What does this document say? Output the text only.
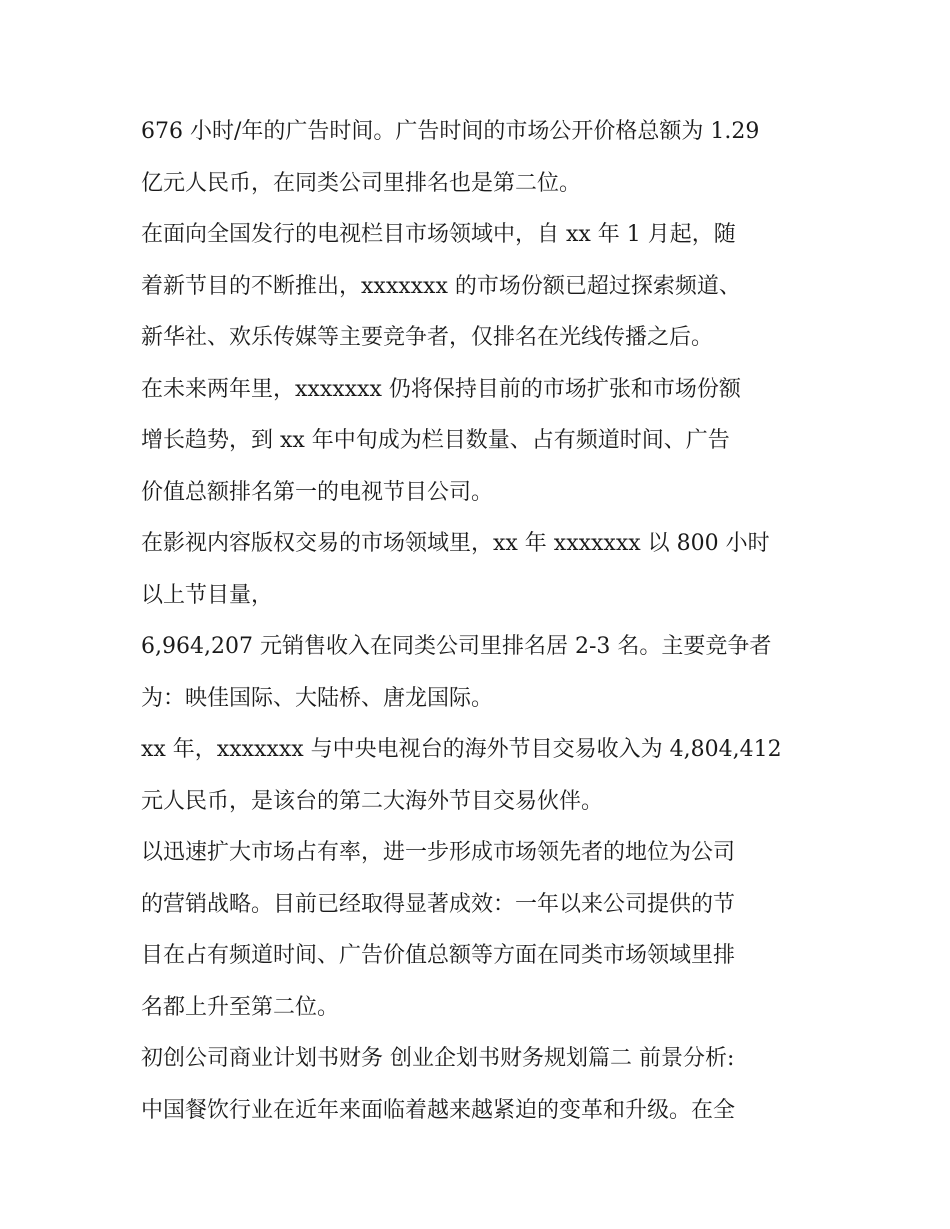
676 小时/年的广告时间。广告时间的市场公开价格总额为 1.29
亿元人民币，在同类公司里排名也是第二位。
在面向全国发行的电视栏目市场领域中，自 xx 年 1 月起，随
着新节目的不断推出，xxxxxxx 的市场份额已超过探索频道、
新华社、欢乐传媒等主要竞争者，仅排名在光线传播之后。
在未来两年里，xxxxxxx 仍将保持目前的市场扩张和市场份额
增长趋势，到 xx 年中旬成为栏目数量、占有频道时间、广告
价值总额排名第一的电视节目公司。
在影视内容版权交易的市场领域里，xx 年 xxxxxxx 以 800 小时
以上节目量，
6,964,207 元销售收入在同类公司里排名居 2-3 名。主要竞争者
为：映佳国际、大陆桥、唐龙国际。
xx 年，xxxxxxx 与中央电视台的海外节目交易收入为 4,804,412
元人民币，是该台的第二大海外节目交易伙伴。
以迅速扩大市场占有率，进一步形成市场领先者的地位为公司
的营销战略。目前已经取得显著成效：一年以来公司提供的节
目在占有频道时间、广告价值总额等方面在同类市场领域里排
名都上升至第二位。
初创公司商业计划书财务 创业企划书财务规划篇二 前景分析:
中国餐饮行业在近年来面临着越来越紧迫的变革和升级。在全
